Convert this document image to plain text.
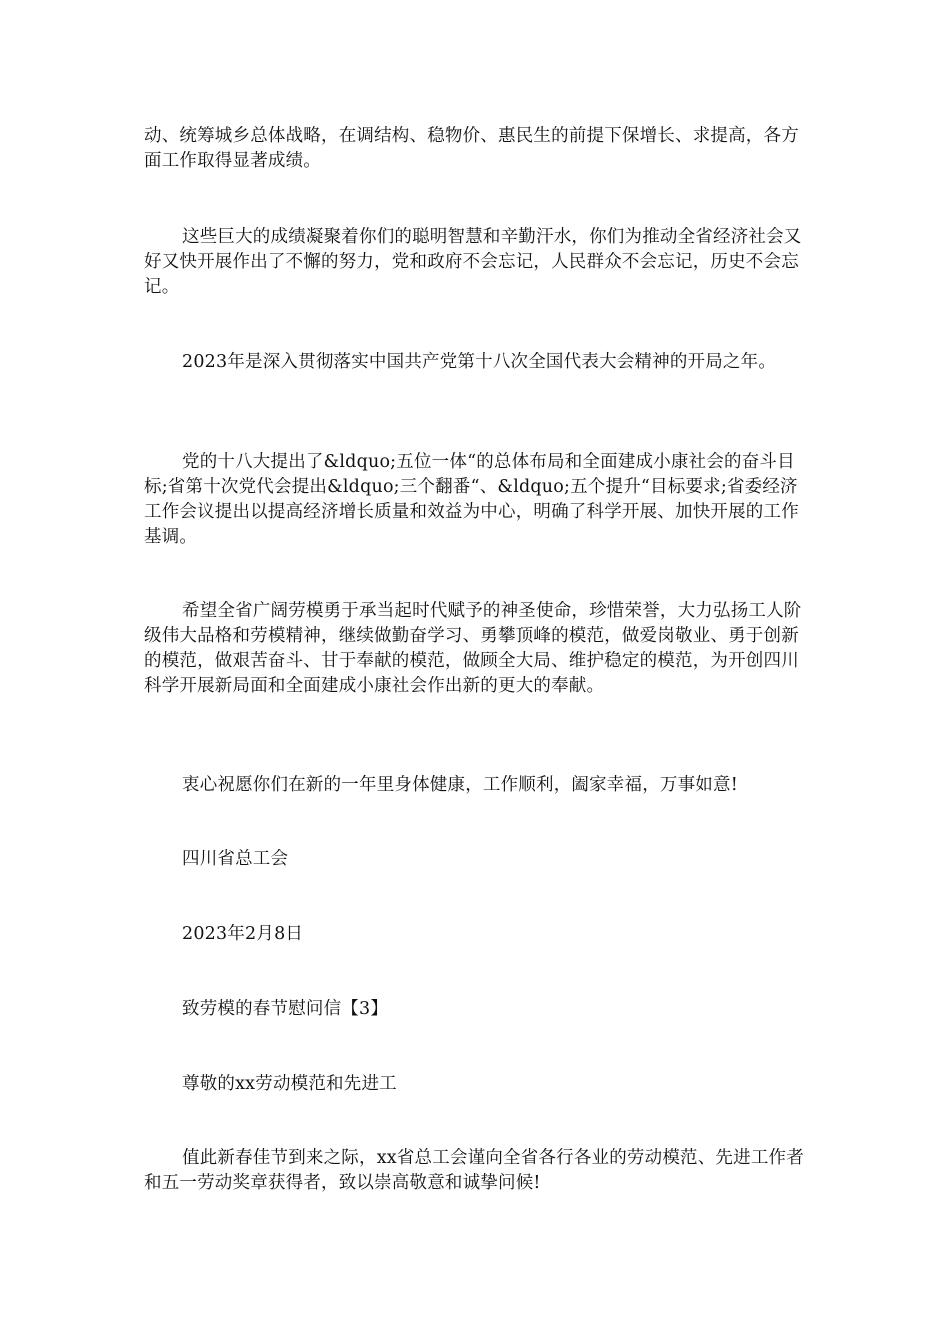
动、统筹城乡总体战略，在调结构、稳物价、惠民生的前提下保增长、求提高，各方面工作取得显著成绩。

这些巨大的成绩凝聚着你们的聪明智慧和辛勤汗水，你们为推动全省经济社会又好又快开展作出了不懈的努力，党和政府不会忘记，人民群众不会忘记，历史不会忘记。

2023年是深入贯彻落实中国共产党第十八次全国代表大会精神的开局之年。

党的十八大提出了&ldquo;五位一体“的总体布局和全面建成小康社会的奋斗目标;省第十次党代会提出&ldquo;三个翻番“、&ldquo;五个提升“目标要求;省委经济工作会议提出以提高经济增长质量和效益为中心，明确了科学开展、加快开展的工作基调。

希望全省广阔劳模勇于承当起时代赋予的神圣使命，珍惜荣誉，大力弘扬工人阶级伟大品格和劳模精神，继续做勤奋学习、勇攀顶峰的模范，做爱岗敬业、勇于创新的模范，做艰苦奋斗、甘于奉献的模范，做顾全大局、维护稳定的模范，为开创四川科学开展新局面和全面建成小康社会作出新的更大的奉献。

衷心祝愿你们在新的一年里身体健康，工作顺利，阖家幸福，万事如意!

四川省总工会

2023年2月8日

致劳模的春节慰问信【3】

尊敬的xx劳动模范和先进工

值此新春佳节到来之际，xx省总工会谨向全省各行各业的劳动模范、先进工作者和五一劳动奖章获得者，致以崇高敬意和诚挚问候!
